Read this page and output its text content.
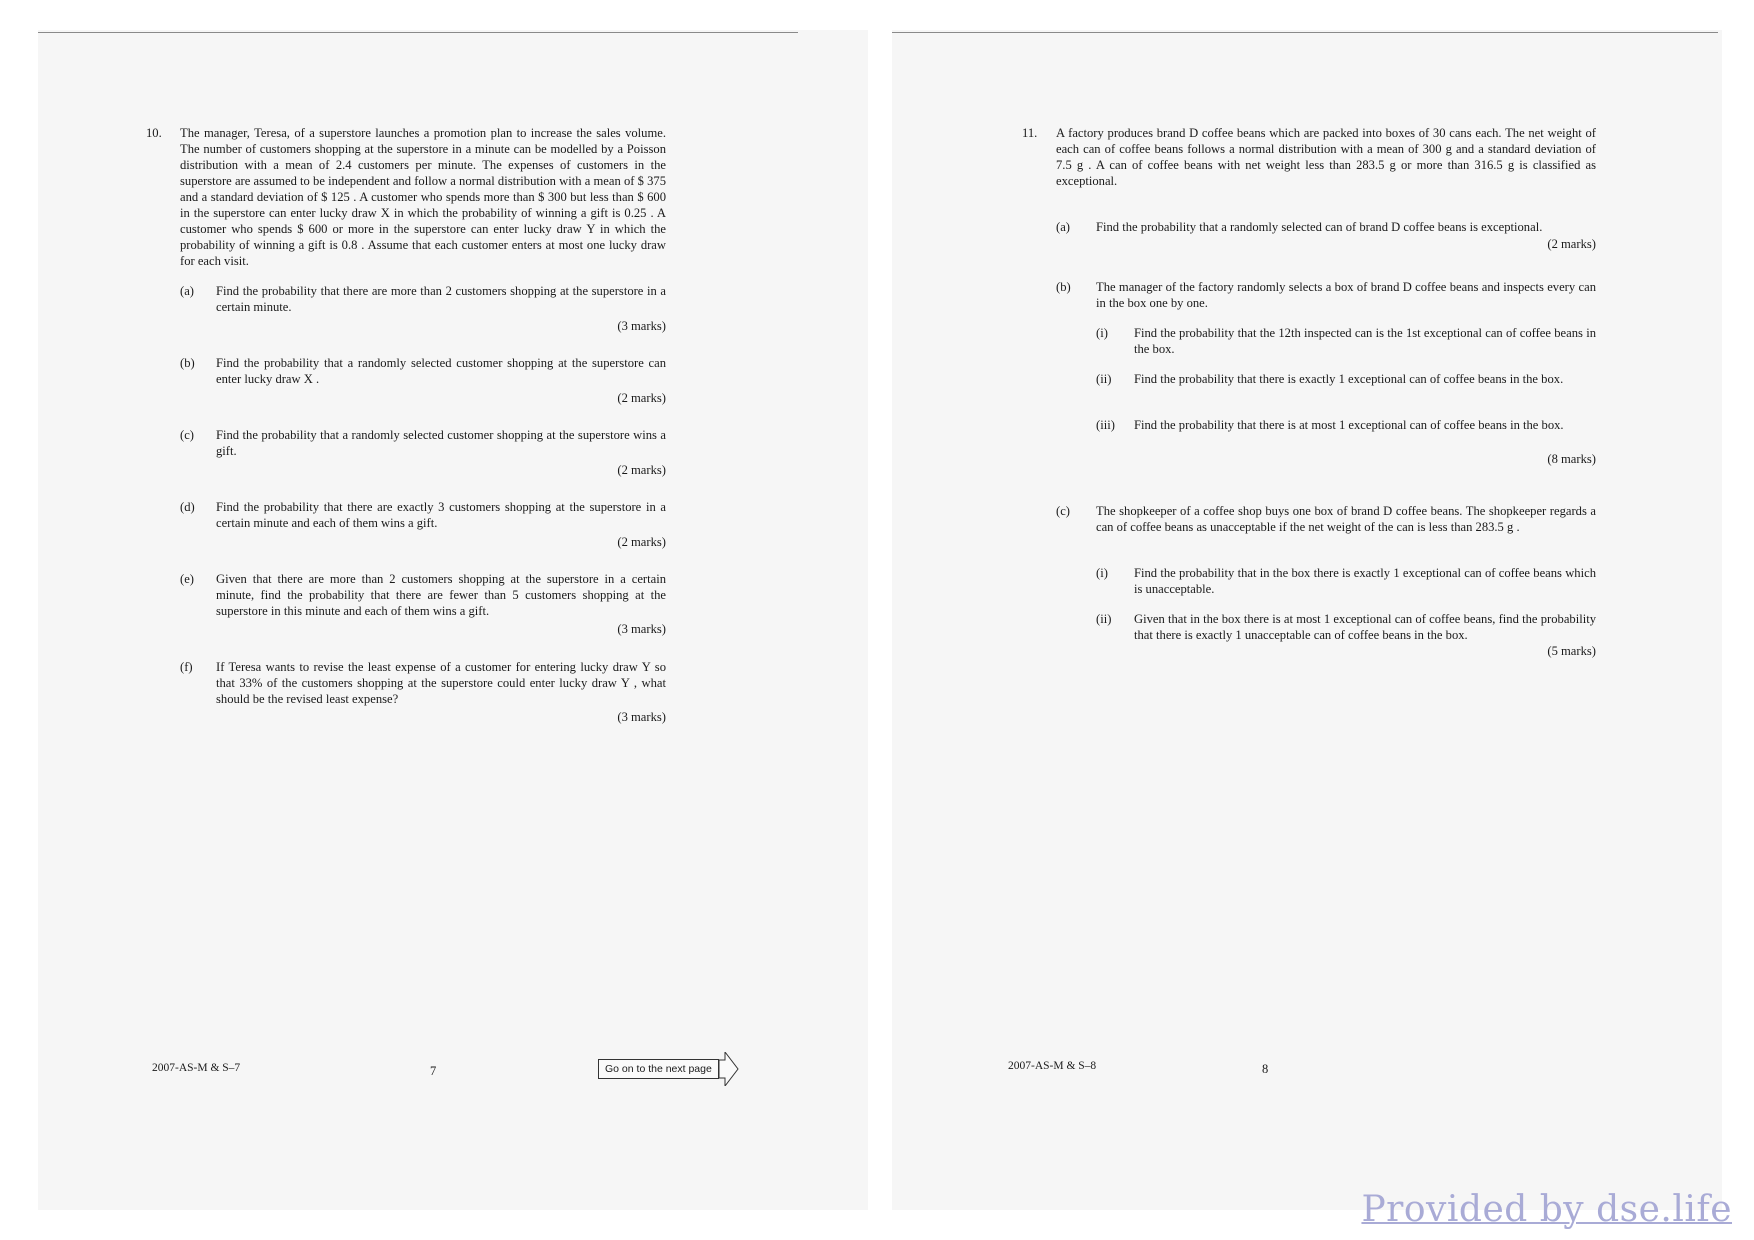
10. The manager, Teresa, of a superstore launches a promotion plan to increase the sales volume. The number of customers shopping at the superstore in a minute can be modelled by a Poisson distribution with a mean of 2.4 customers per minute. The expenses of customers in the superstore are assumed to be independent and follow a normal distribution with a mean of $ 375 and a standard deviation of $ 125 . A customer who spends more than $ 300 but less than $ 600 in the superstore can enter lucky draw X in which the probability of winning a gift is 0.25 . A customer who spends $ 600 or more in the superstore can enter lucky draw Y in which the probability of winning a gift is 0.8 . Assume that each customer enters at most one lucky draw for each visit.
(a) Find the probability that there are more than 2 customers shopping at the superstore in a certain minute.
(3 marks)
(b) Find the probability that a randomly selected customer shopping at the superstore can enter lucky draw X .
(2 marks)
(c) Find the probability that a randomly selected customer shopping at the superstore wins a gift.
(2 marks)
(d) Find the probability that there are exactly 3 customers shopping at the superstore in a certain minute and each of them wins a gift.
(2 marks)
(e) Given that there are more than 2 customers shopping at the superstore in a certain minute, find the probability that there are fewer than 5 customers shopping at the superstore in this minute and each of them wins a gift.
(3 marks)
(f) If Teresa wants to revise the least expense of a customer for entering lucky draw Y so that 33% of the customers shopping at the superstore could enter lucky draw Y , what should be the revised least expense?
(3 marks)
2007-AS-M & S–7	7	Go on to the next page
11. A factory produces brand D coffee beans which are packed into boxes of 30 cans each. The net weight of each can of coffee beans follows a normal distribution with a mean of 300 g and a standard deviation of 7.5 g . A can of coffee beans with net weight less than 283.5 g or more than 316.5 g is classified as exceptional.
(a) Find the probability that a randomly selected can of brand D coffee beans is exceptional.
(2 marks)
(b) The manager of the factory randomly selects a box of brand D coffee beans and inspects every can in the box one by one.
(i) Find the probability that the 12th inspected can is the 1st exceptional can of coffee beans in the box.
(ii) Find the probability that there is exactly 1 exceptional can of coffee beans in the box.
(iii) Find the probability that there is at most 1 exceptional can of coffee beans in the box.
(8 marks)
(c) The shopkeeper of a coffee shop buys one box of brand D coffee beans. The shopkeeper regards a can of coffee beans as unacceptable if the net weight of the can is less than 283.5 g .
(i) Find the probability that in the box there is exactly 1 exceptional can of coffee beans which is unacceptable.
(ii) Given that in the box there is at most 1 exceptional can of coffee beans, find the probability that there is exactly 1 unacceptable can of coffee beans in the box.
(5 marks)
2007-AS-M & S–8	8
Provided by dse.life
